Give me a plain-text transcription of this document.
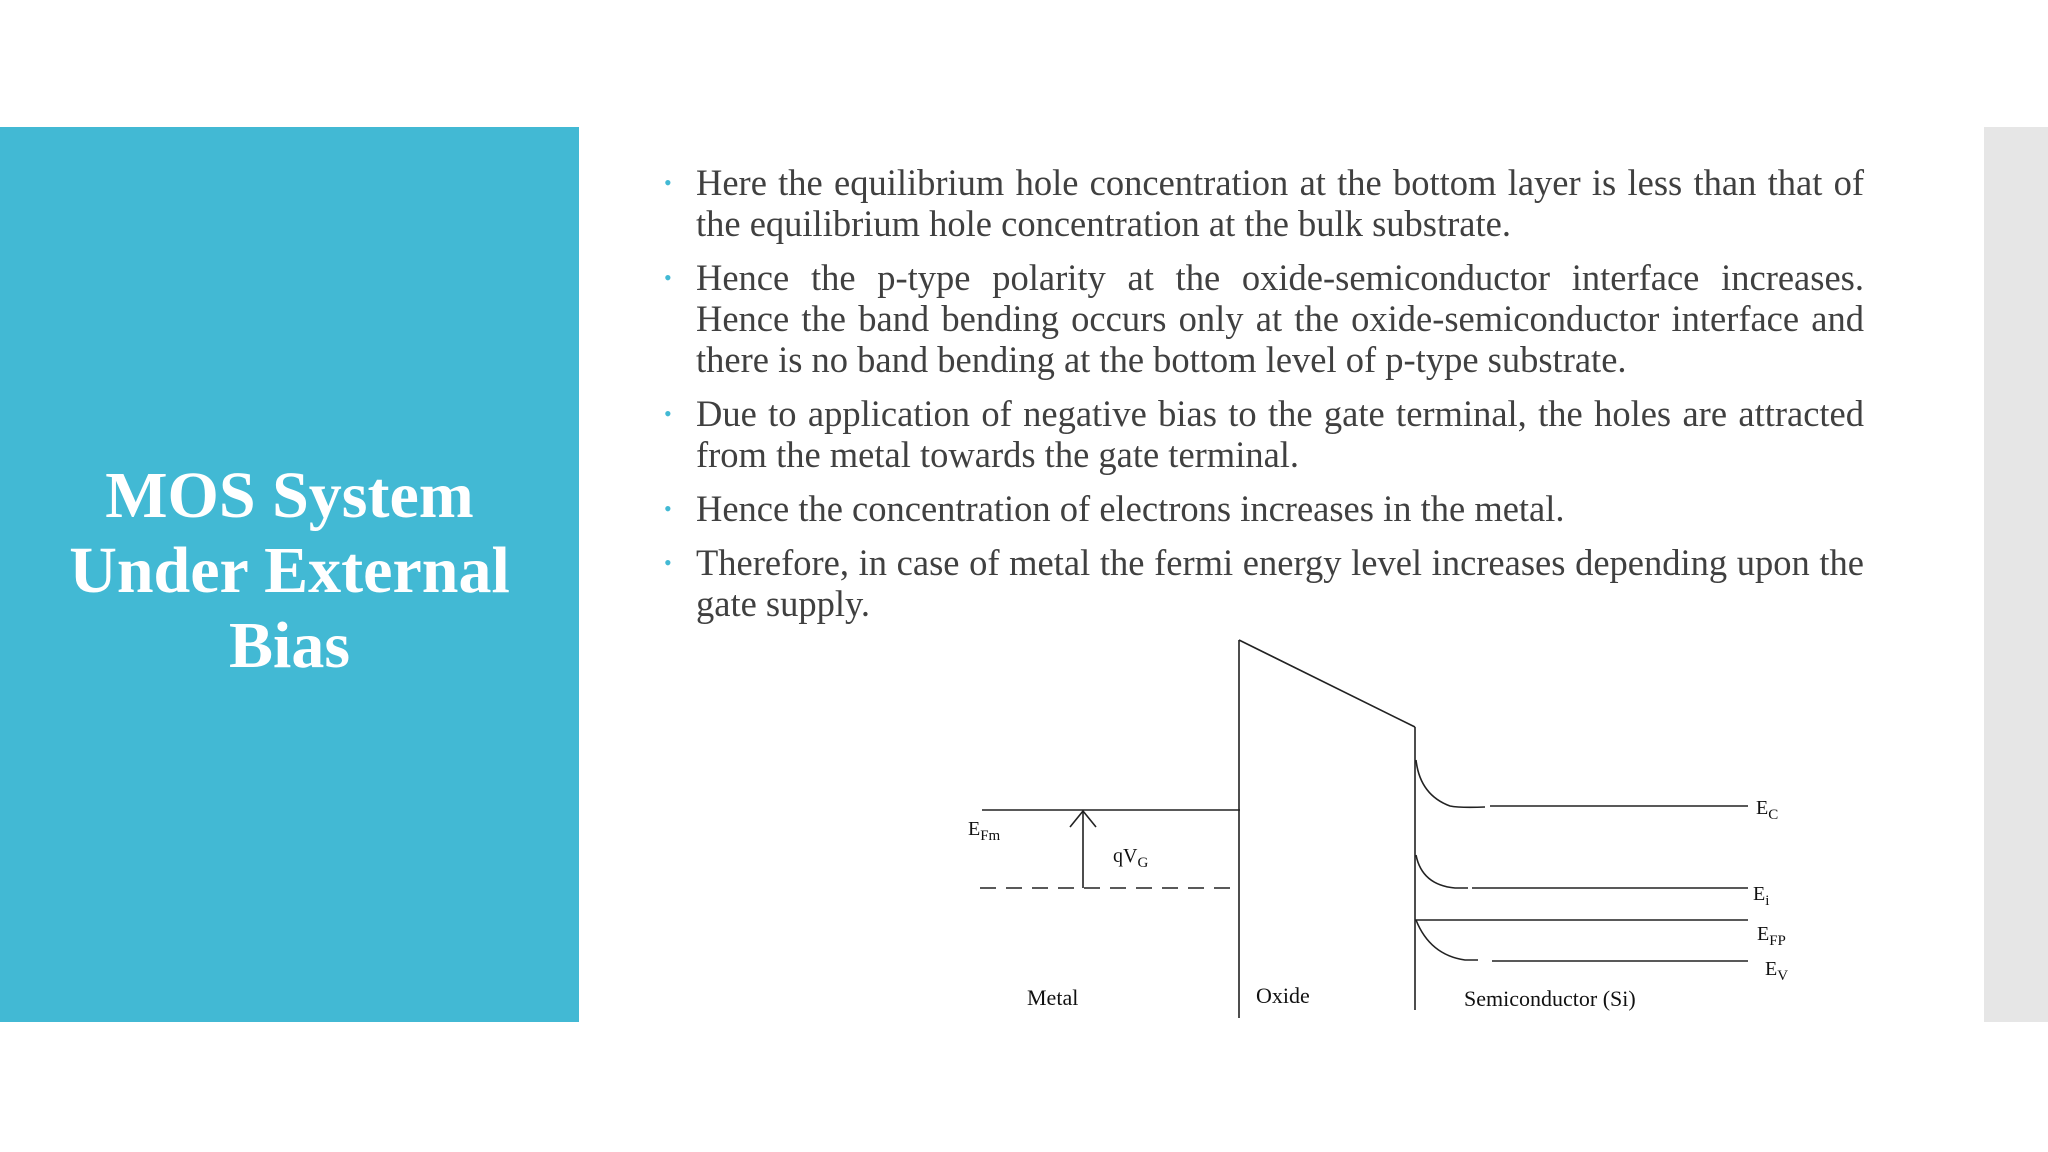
MOS System
Under External
Bias
• Here the equilibrium hole concentration at the bottom layer is less than that of the equilibrium hole concentration at the bulk substrate.
• Hence the p-type polarity at the oxide-semiconductor interface increases. Hence the band bending occurs only at the oxide-semiconductor interface and there is no band bending at the bottom level of p-type substrate.
• Due to application of negative bias to the gate terminal, the holes are attracted from the metal towards the gate terminal.
• Hence the concentration of electrons increases in the metal.
• Therefore, in case of metal the fermi energy level increases depending upon the gate supply.
$E_{Fm}$
$qV_G$
$E_C$
$E_i$
$E_{FP}$
$E_V$
Metal	Oxide	Semiconductor (Si)
